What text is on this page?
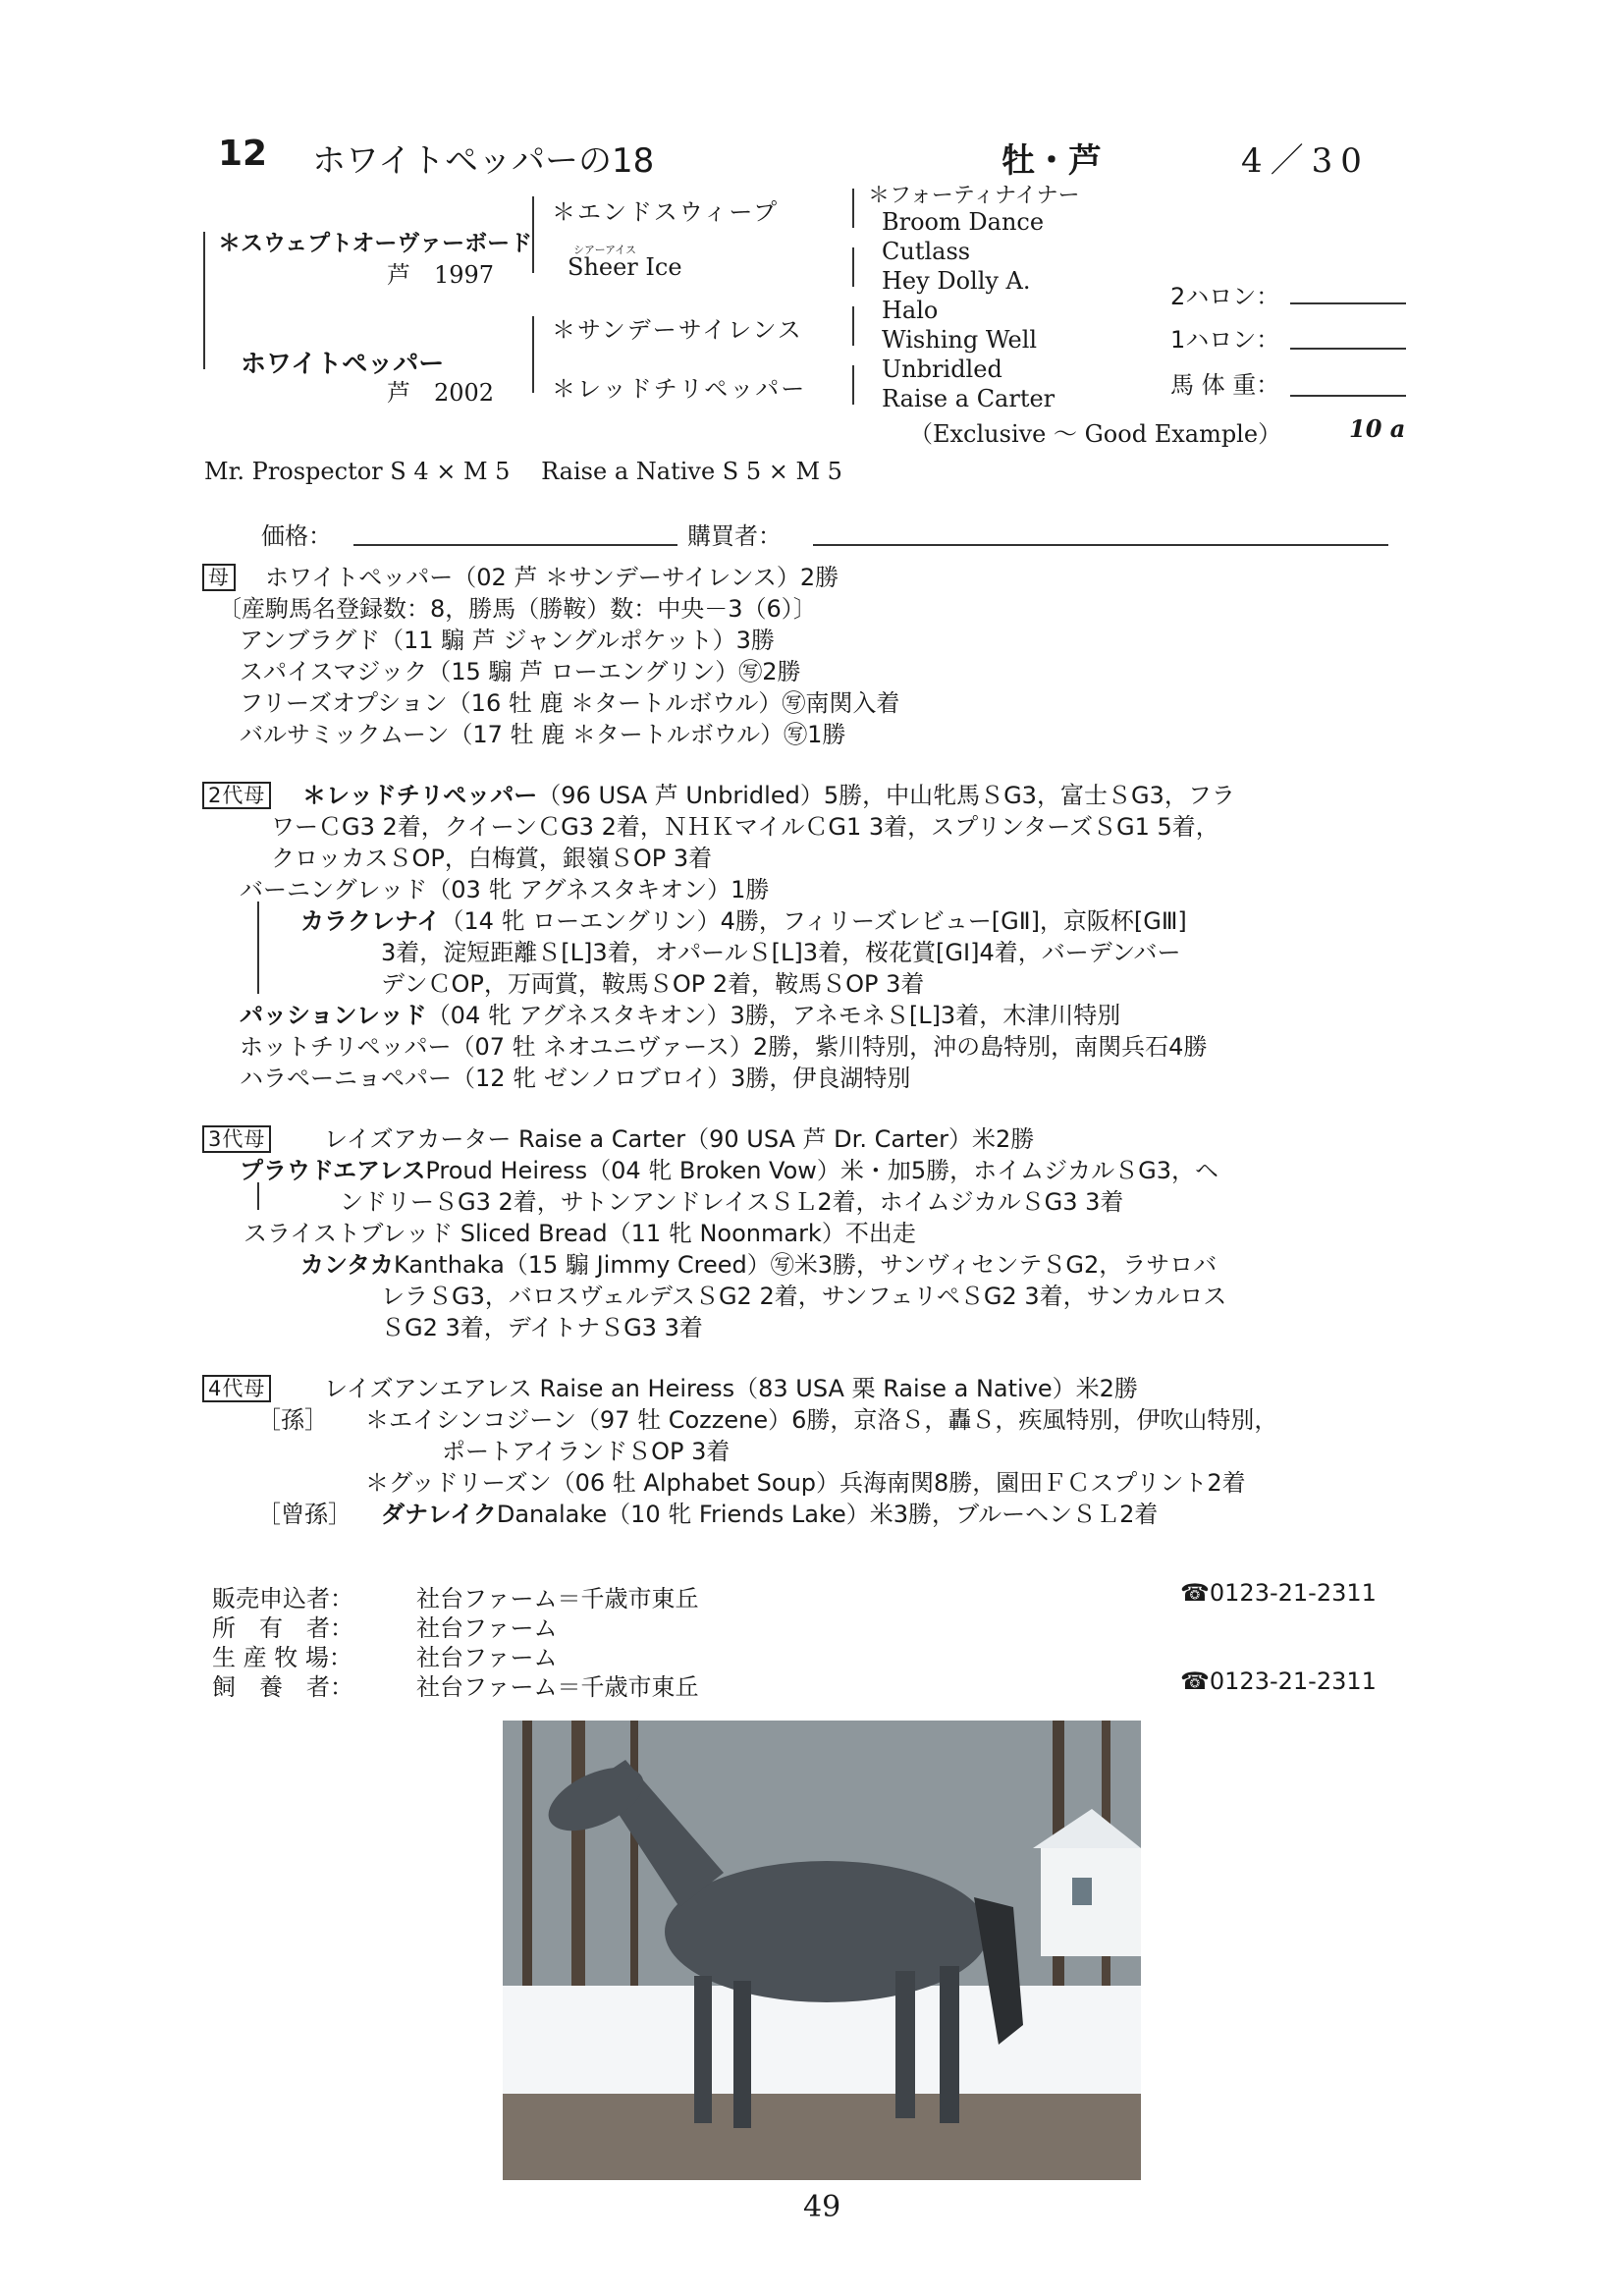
12 ホワイトペッパーの18	牡・芦	4／30
＊スウェプトオーヴァーボード
芦　1997
ホワイトペッパー
芦　2002
＊エンドスウィープ
シアーアイス
Sheer Ice
＊サンデーサイレンス
＊レッドチリペッパー
＊フォーティナイナー
Broom Dance
Cutlass
Hey Dolly A.
Halo
Wishing Well
Unbridled
Raise a Carter
（Exclusive ～ Good Example）	10 a
2ハロン：
1ハロン：
馬 体 重：
Mr. Prospector S 4 × M 5　 Raise a Native S 5 × M 5
価格：	購買者：
母 ホワイトペッパー（02 芦 ＊サンデーサイレンス）2勝
〔産駒馬名登録数：8，勝馬（勝鞍）数：中央－3（6）〕
アンブラグド（11 騸 芦 ジャングルポケット）3勝
スパイスマジック（15 騸 芦 ローエングリン）㊢2勝
フリーズオプション（16 牡 鹿 ＊タートルボウル）㊢南関入着
バルサミックムーン（17 牡 鹿 ＊タートルボウル）㊢1勝
2代母 ＊レッドチリペッパー（96 USA 芦 Unbridled）5勝，中山牝馬ＳG3，富士ＳG3，フラ
ワーＣG3 2着，クイーンＣG3 2着，ＮＨＫマイルＣG1 3着，スプリンターズＳG1 5着，
クロッカスＳOP，白梅賞，銀嶺ＳOP 3着
バーニングレッド（03 牝 アグネスタキオン）1勝
カラクレナイ（14 牝 ローエングリン）4勝，フィリーズレビュー[GⅡ]，京阪杯[GⅢ]
3着，淀短距離Ｓ[L]3着，オパールＳ[L]3着，桜花賞[GⅠ]4着，バーデンバー
デンＣOP，万両賞，鞍馬ＳOP 2着，鞍馬ＳOP 3着
パッションレッド（04 牝 アグネスタキオン）3勝，アネモネＳ[L]3着，木津川特別
ホットチリペッパー（07 牡 ネオユニヴァース）2勝，紫川特別，沖の島特別，南関兵石4勝
ハラペーニョペパー（12 牝 ゼンノロブロイ）3勝，伊良湖特別
3代母 レイズアカーター Raise a Carter（90 USA 芦 Dr. Carter）米2勝
プラウドエアレスProud Heiress（04 牝 Broken Vow）米・加5勝，ホイムジカルＳG3，ヘ
ンドリーＳG3 2着，サトンアンドレイスＳＬ2着，ホイムジカルＳG3 3着
スライストブレッド Sliced Bread（11 牝 Noonmark）不出走
カンタカKanthaka（15 騸 Jimmy Creed）㊢米3勝，サンヴィセンテＳG2，ラサロバ
レラＳG3，バロスヴェルデスＳG2 2着，サンフェリペＳG2 3着，サンカルロス
ＳG2 3着，デイトナＳG3 3着
4代母 レイズアンエアレス Raise an Heiress（83 USA 栗 Raise a Native）米2勝
［孫］ ＊エイシンコジーン（97 牡 Cozzene）6勝，京洛Ｓ，轟Ｓ，疾風特別，伊吹山特別，
ポートアイランドＳOP 3着
＊グッドリーズン（06 牡 Alphabet Soup）兵海南関8勝，園田ＦＣスプリント2着
［曾孫］ ダナレイクDanalake（10 牝 Friends Lake）米3勝，ブルーヘンＳＬ2着
販売申込者：	社台ファーム＝千歳市東丘	☎0123-21-2311
所　有　者：	社台ファーム
生 産 牧 場：	社台ファーム
飼　養　者：	社台ファーム＝千歳市東丘	☎0123-21-2311
49
